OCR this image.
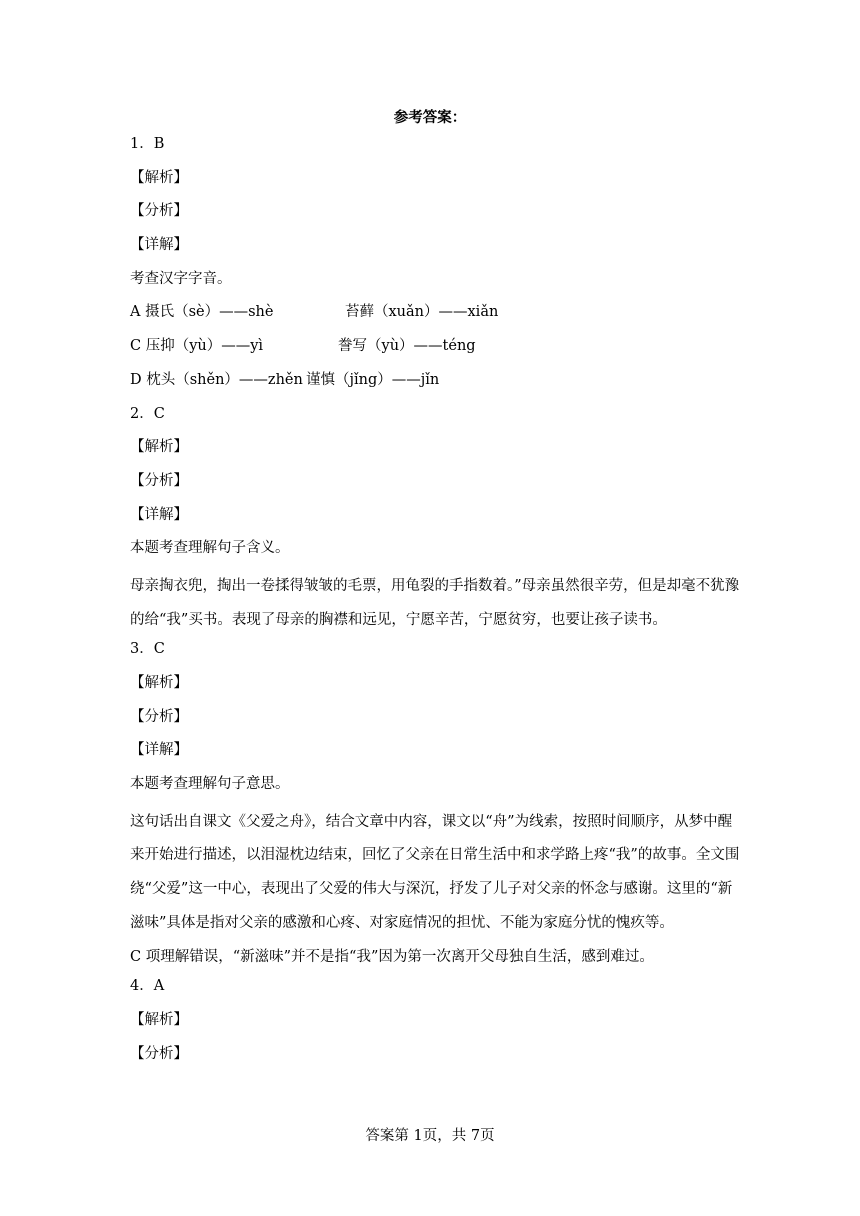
参考答案：
1．B
【解析】
【分析】
【详解】
考查汉字字音。
A 摄氏（sè）——shè	苔藓（xuǎn）——xiǎn
C 压抑（yù）——yì	誊写（yù）——téng
D 枕头（shěn）——zhěn 谨慎（jǐng）——jǐn
2．C
【解析】
【分析】
【详解】
本题考查理解句子含义。
母亲掏衣兜，掏出一卷揉得皱皱的毛票，用龟裂的手指数着。”母亲虽然很辛劳，但是却毫不犹豫的给“我”买书。表现了母亲的胸襟和远见，宁愿辛苦，宁愿贫穷，也要让孩子读书。
3．C
【解析】
【分析】
【详解】
本题考查理解句子意思。
这句话出自课文《父爱之舟》，结合文章中内容，课文以“舟”为线索，按照时间顺序，从梦中醒来开始进行描述，以泪湿枕边结束，回忆了父亲在日常生活中和求学路上疼“我”的故事。全文围绕“父爱”这一中心，表现出了父爱的伟大与深沉，抒发了儿子对父亲的怀念与感谢。这里的“新滋味”具体是指对父亲的感激和心疼、对家庭情况的担忧、不能为家庭分忧的愧疚等。
C 项理解错误，“新滋味”并不是指“我”因为第一次离开父母独自生活，感到难过。
4．A
【解析】
【分析】
答案第 1页，共 7页
